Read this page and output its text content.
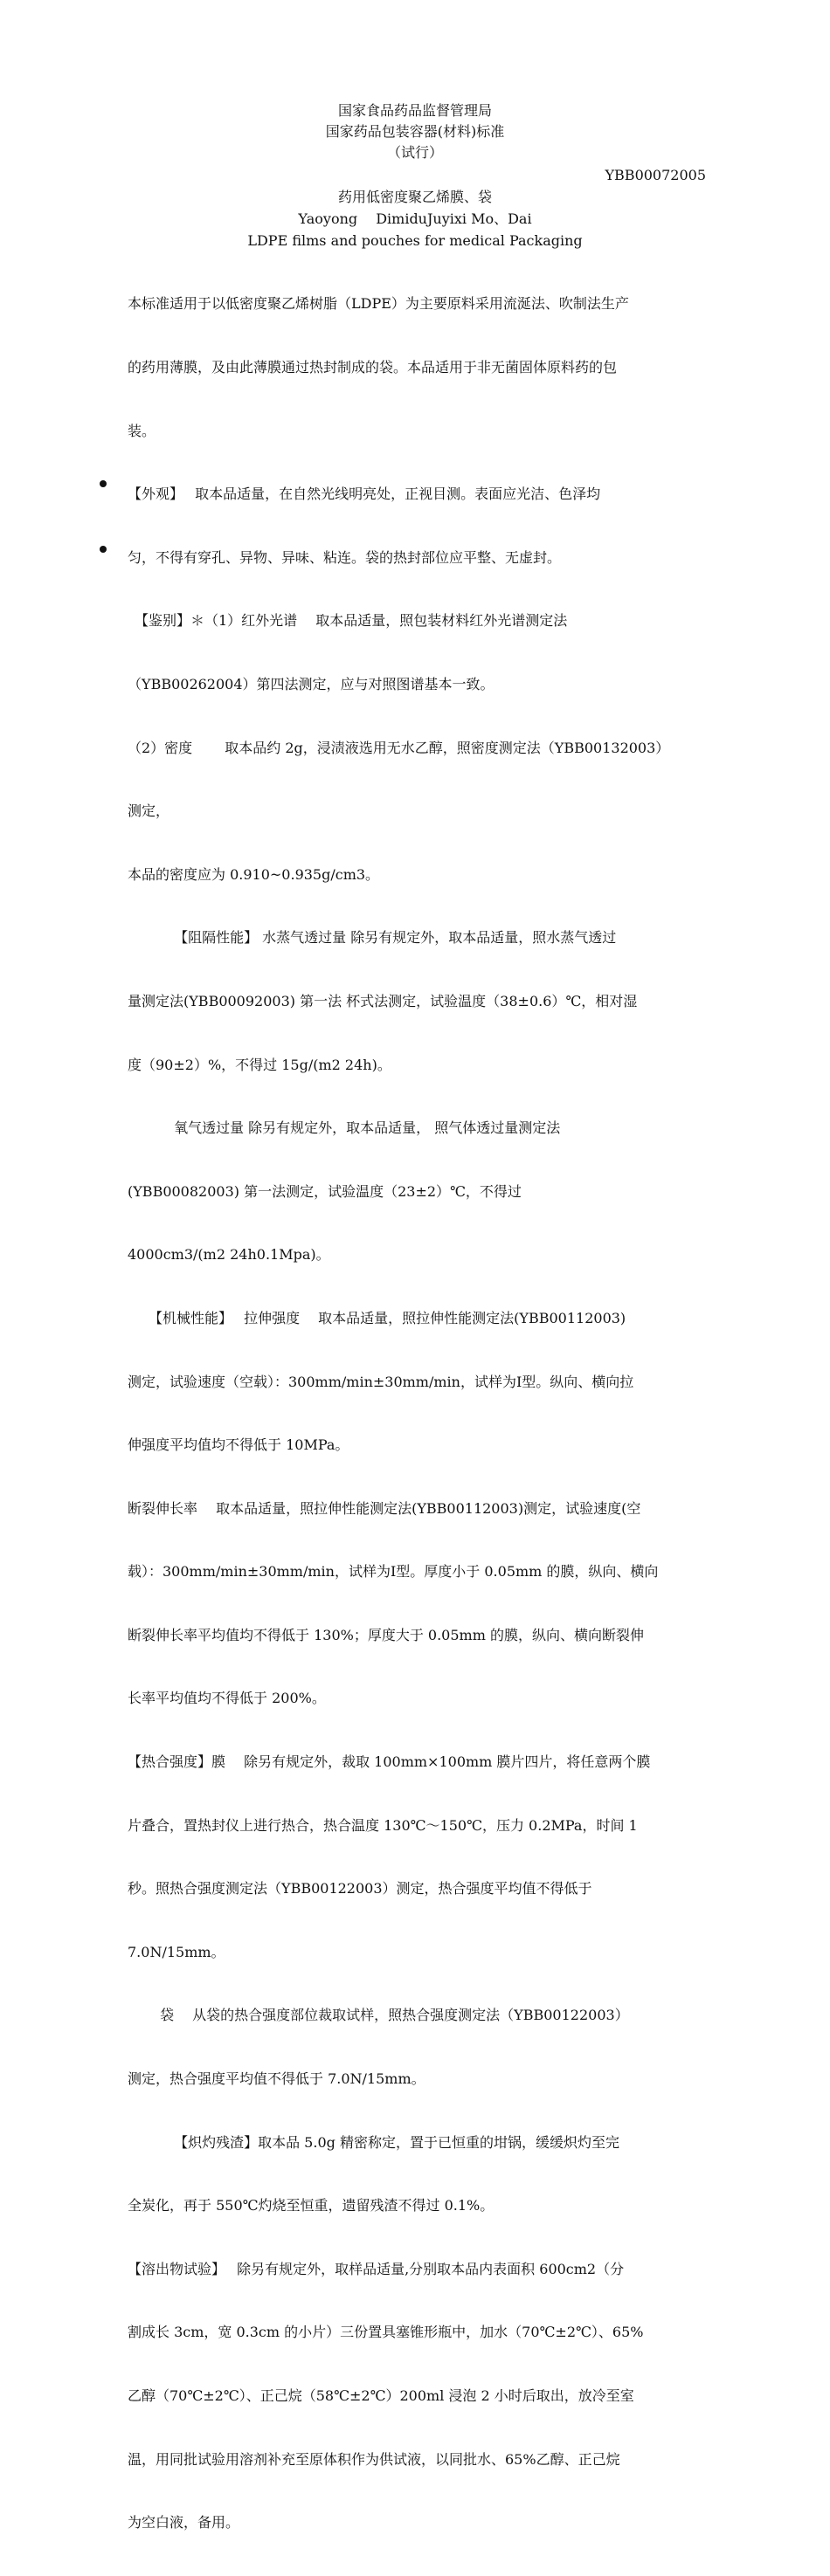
国家食品药品监督管理局
国家药品包装容器(材料)标准
（试行）
YBB00072005
药用低密度聚乙烯膜、袋
Yaoyong　 DimiduJuyixi Mo、Dai
LDPE films and pouches for medical Packaging

本标准适用于以低密度聚乙烯树脂（LDPE）为主要原料采用流涎法、吹制法生产

的药用薄膜，及由此薄膜通过热封制成的袋。本品适用于非无菌固体原料药的包

装。

【外观】　 取本品适量，在自然光线明亮处，正视目测。表面应光洁、色泽均

匀，不得有穿孔、异物、异味、粘连。袋的热封部位应平整、无虚封。

　【鉴别】＊（1）红外光谱　 取本品适量，照包装材料红外光谱测定法

（YBB00262004）第四法测定，应与对照图谱基本一致。

（2）密度　　 取本品约 2g，浸渍液选用无水乙醇，照密度测定法（YBB00132003）

测定，

本品的密度应为 0.910~0.935g/cm3。

　　　 【阻隔性能】 水蒸气透过量 除另有规定外，取本品适量，照水蒸气透过

量测定法(YBB00092003) 第一法 杯式法测定，试验温度（38±0.6）℃，相对湿

度（90±2）%，不得过 15g/(m2 24h)。

　　　 氧气透过量 除另有规定外，取本品适量， 照气体透过量测定法

(YBB00082003) 第一法测定，试验温度（23±2）℃，不得过

4000cm3/(m2 24h0.1Mpa)。

　　【机械性能】　 拉伸强度　 取本品适量，照拉伸性能测定法(YBB00112003)

测定，试验速度（空载）：300mm/min±30mm/min，试样为Ⅰ型。纵向、横向拉

伸强度平均值均不得低于 10MPa。

断裂伸长率　 取本品适量，照拉伸性能测定法(YBB00112003)测定，试验速度(空

载）：300mm/min±30mm/min，试样为Ⅰ型。厚度小于 0.05mm 的膜，纵向、横向

断裂伸长率平均值均不得低于 130%；厚度大于 0.05mm 的膜，纵向、横向断裂伸

长率平均值均不得低于 200%。

【热合强度】膜　 除另有规定外，裁取 100mm×100mm 膜片四片，将任意两个膜

片叠合，置热封仪上进行热合，热合温度 130℃～150℃，压力 0.2MPa，时间 1

秒。照热合强度测定法（YBB00122003）测定，热合强度平均值不得低于

7.0N/15mm。

　　 袋　 从袋的热合强度部位裁取试样，照热合强度测定法（YBB00122003）

测定，热合强度平均值不得低于 7.0N/15mm。

　　　 【炽灼残渣】取本品 5.0g 精密称定，置于已恒重的坩锅，缓缓炽灼至完

全炭化，再于 550℃灼烧至恒重，遗留残渣不得过 0.1%。

【溶出物试验】　 除另有规定外，取样品适量,分别取本品内表面积 600cm2（分

割成长 3cm，宽 0.3cm 的小片）三份置具塞锥形瓶中，加水（70℃±2℃）、65%

乙醇（70℃±2℃）、正己烷（58℃±2℃）200ml 浸泡 2 小时后取出，放冷至室

温，用同批试验用溶剂补充至原体积作为供试液，以同批水、65%乙醇、正己烷

为空白液，备用。
